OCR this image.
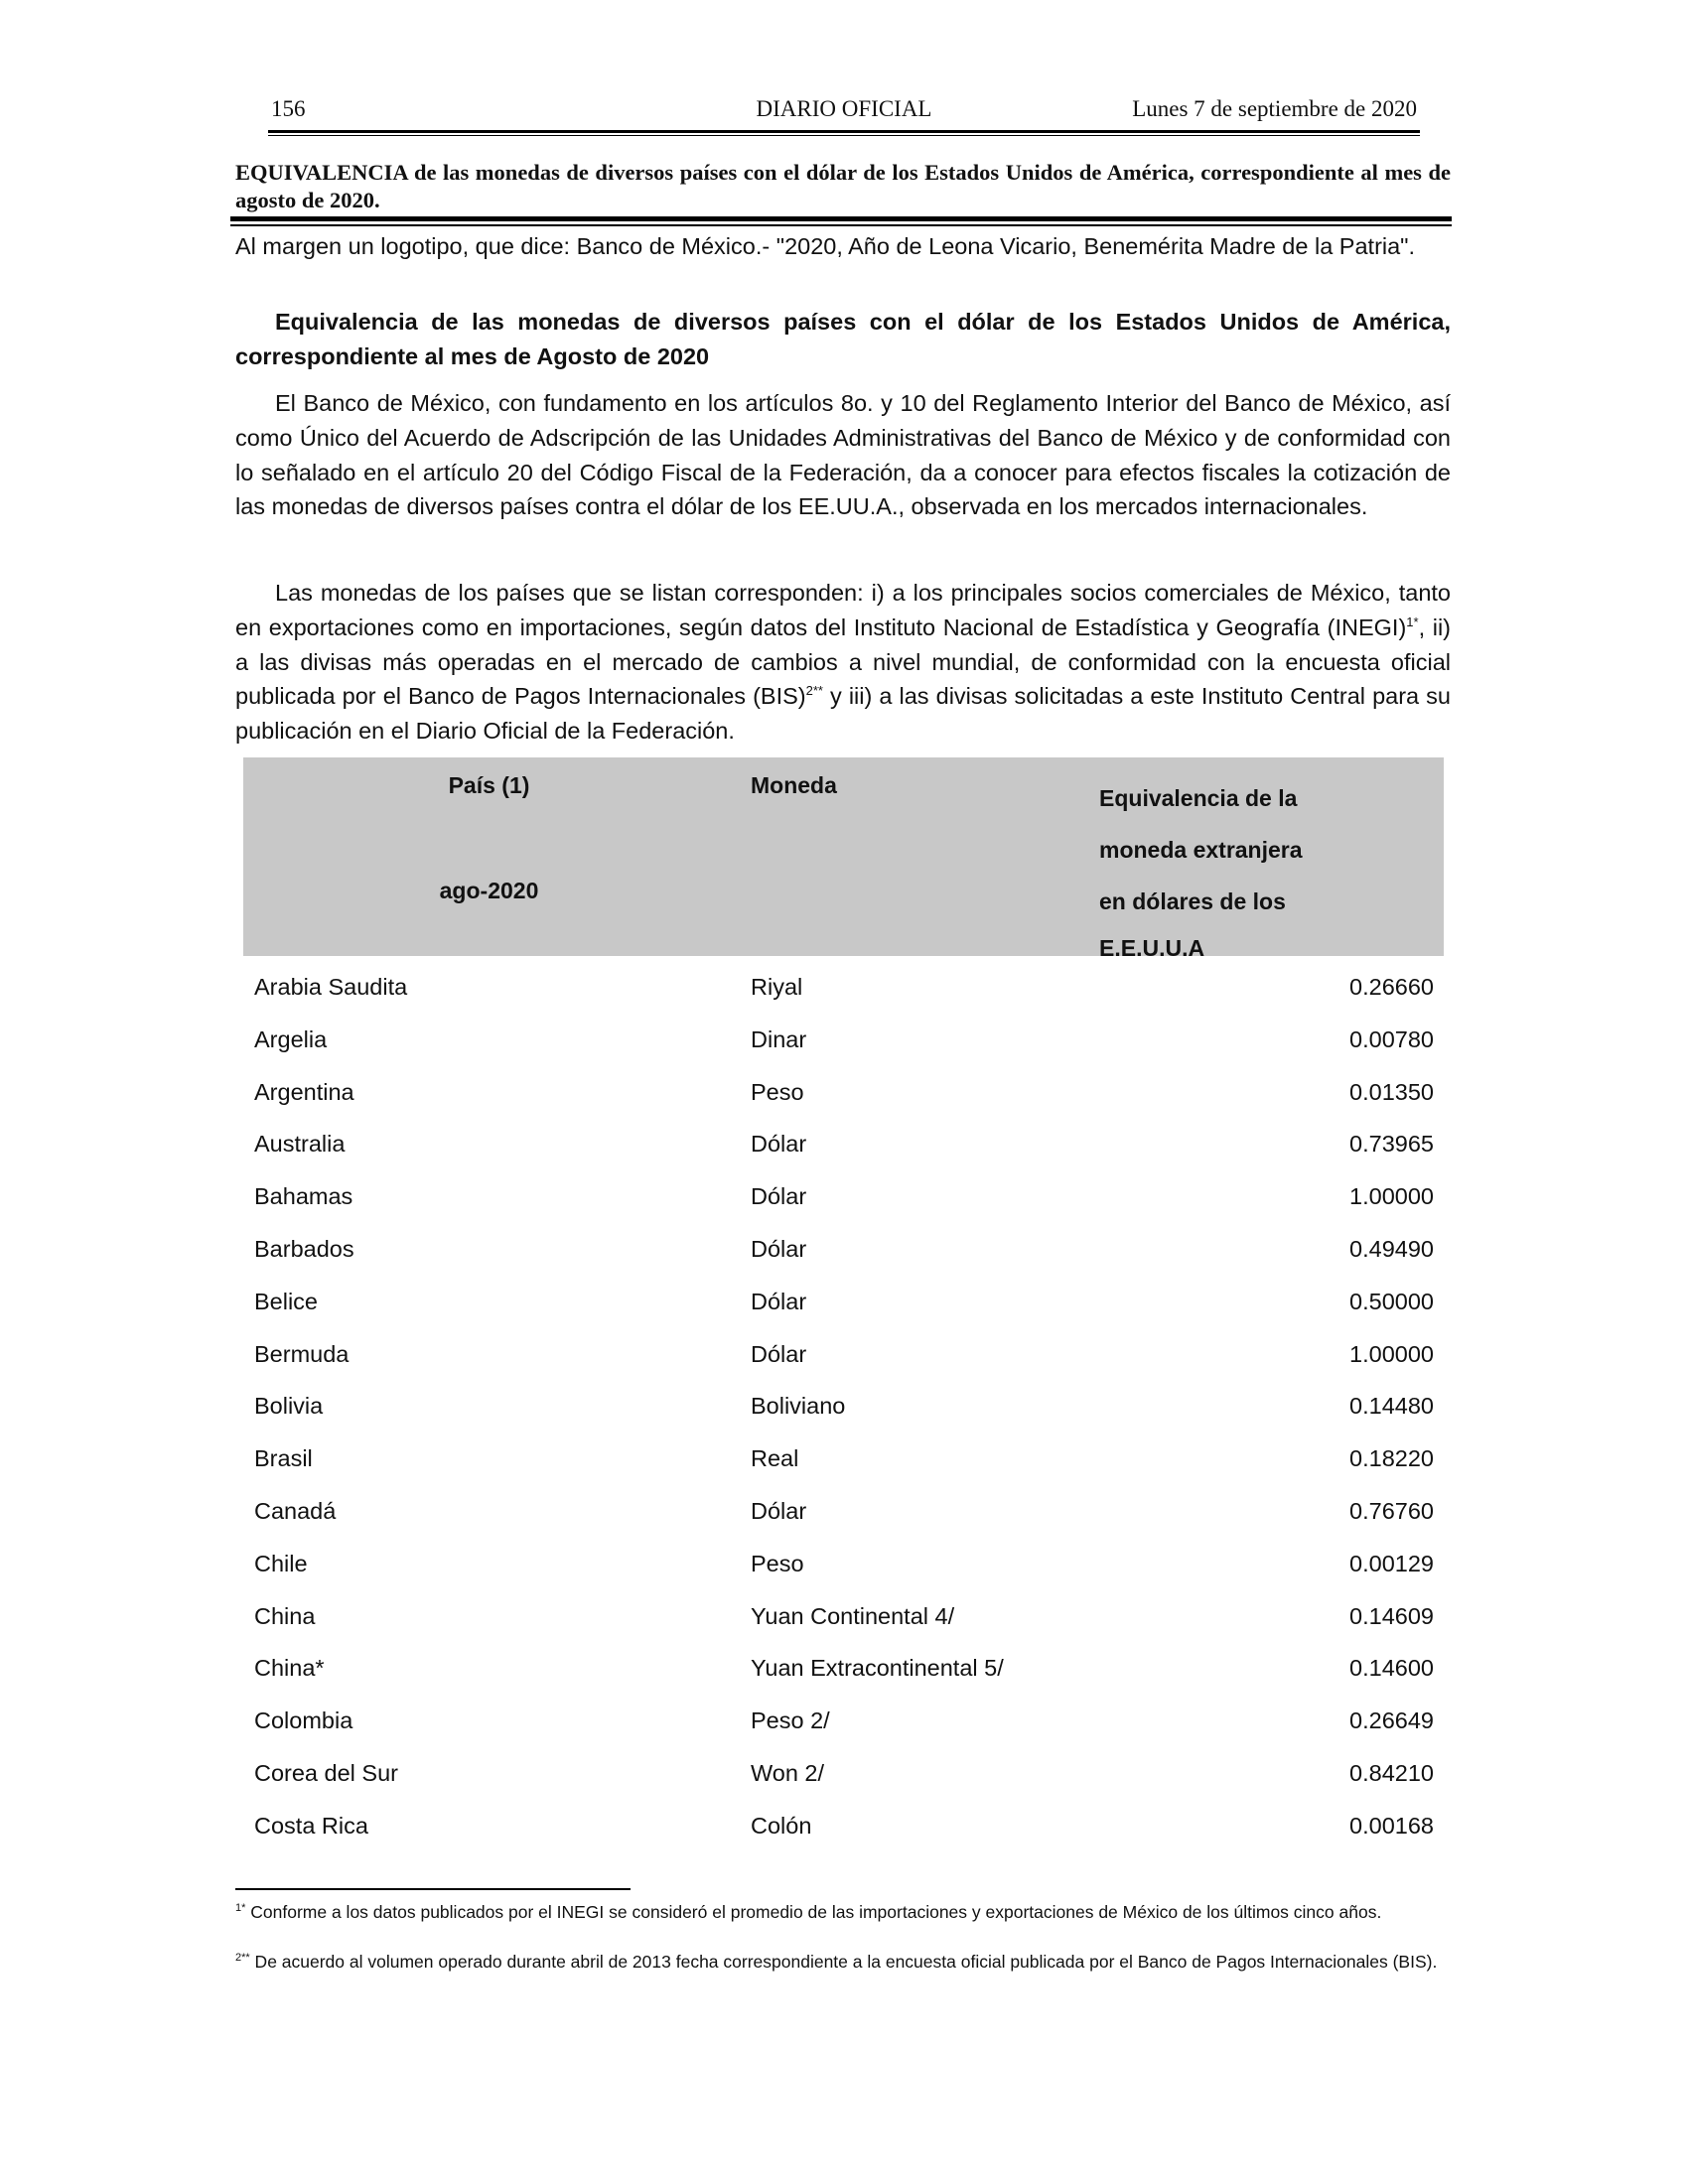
156	DIARIO OFICIAL	Lunes 7 de septiembre de 2020

EQUIVALENCIA de las monedas de diversos países con el dólar de los Estados Unidos de América, correspondiente al mes de agosto de 2020.

Al margen un logotipo, que dice: Banco de México.- "2020, Año de Leona Vicario, Benemérita Madre de la Patria".

Equivalencia de las monedas de diversos países con el dólar de los Estados Unidos de América, correspondiente al mes de Agosto de 2020

El Banco de México, con fundamento en los artículos 8o. y 10 del Reglamento Interior del Banco de México, así como Único del Acuerdo de Adscripción de las Unidades Administrativas del Banco de México y de conformidad con lo señalado en el artículo 20 del Código Fiscal de la Federación, da a conocer para efectos fiscales la cotización de las monedas de diversos países contra el dólar de los EE.UU.A., observada en los mercados internacionales.

Las monedas de los países que se listan corresponden: i) a los principales socios comerciales de México, tanto en exportaciones como en importaciones, según datos del Instituto Nacional de Estadística y Geografía (INEGI)$^{1*}$, ii) a las divisas más operadas en el mercado de cambios a nivel mundial, de conformidad con la encuesta oficial publicada por el Banco de Pagos Internacionales (BIS)$^{2**}$ y iii) a las divisas solicitadas a este Instituto Central para su publicación en el Diario Oficial de la Federación.

País (1)
ago-2020
Moneda	Equivalencia de la
moneda extranjera
en dólares de los
E.E.U.U.A
Arabia Saudita	Riyal	0.26660
Argelia	Dinar	0.00780
Argentina	Peso	0.01350
Australia	Dólar	0.73965
Bahamas	Dólar	1.00000
Barbados	Dólar	0.49490
Belice	Dólar	0.50000
Bermuda	Dólar	1.00000
Bolivia	Boliviano	0.14480
Brasil	Real	0.18220
Canadá	Dólar	0.76760
Chile	Peso	0.00129
China	Yuan Continental 4/	0.14609
China*	Yuan Extracontinental 5/	0.14600
Colombia	Peso 2/	0.26649
Corea del Sur	Won 2/	0.84210
Costa Rica	Colón	0.00168

$^{1*}$ Conforme a los datos publicados por el INEGI se consideró el promedio de las importaciones y exportaciones de México de los últimos cinco años.

$^{2**}$ De acuerdo al volumen operado durante abril de 2013 fecha correspondiente a la encuesta oficial publicada por el Banco de Pagos Internacionales (BIS).
